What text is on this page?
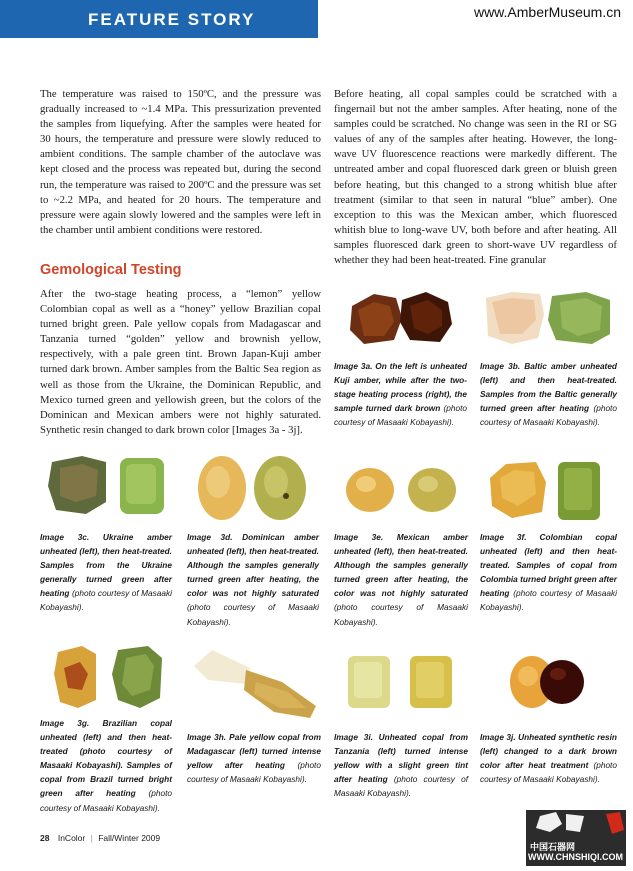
FEATURE STORY	www.AmberMuseum.cn

The temperature was raised to 150ºC, and the pressure was gradually increased to ~1.4 MPa. This pressurization prevented the samples from liquefying. After the samples were heated for 30 hours, the temperature and pressure were slowly reduced to ambient conditions. The sample chamber of the autoclave was kept closed and the process was repeated but, during the second run, the temperature was raised to 200ºC and the pressure was set to ~2.2 MPa, and heated for 20 hours. The temperature and pressure were again slowly lowered and the samples were left in the chamber until ambient conditions were restored.

Gemological Testing

After the two-stage heating process, a “lemon” yellow Colombian copal as well as a “honey” yellow Brazilian copal turned bright green. Pale yellow copals from Madagascar and Tanzania turned “golden” yellow and brownish yellow, respectively, with a pale green tint. Brown Japan-Kuji amber turned dark brown. Amber samples from the Baltic Sea region as well as those from the Ukraine, the Dominican Republic, and Mexico turned green and yellowish green, but the colors of the Dominican and Mexican ambers were not highly saturated. Synthetic resin changed to dark brown color [Images 3a - 3j].

Before heating, all copal samples could be scratched with a fingernail but not the amber samples. After heating, none of the samples could be scratched. No change was seen in the RI or SG values of any of the samples after heating. However, the long-wave UV fluorescence reactions were markedly different. The untreated amber and copal fluoresced dark green or bluish green before heating, but this changed to a strong whitish blue after treatment (similar to that seen in natural “blue” amber). One exception to this was the Mexican amber, which fluoresced whitish blue to long-wave UV, both before and after heating. All samples fluoresced dark green to short-wave UV regardless of whether they had been heat-treated. Fine granular

Image 3a. On the left is unheated Kuji amber, while after the two-stage heating process (right), the sample turned dark brown (photo courtesy of Masaaki Kobayashi).
Image 3b. Baltic amber unheated (left) and then heat-treated. Samples from the Baltic generally turned green after heating (photo courtesy of Masaaki Kobayashi).
Image 3c. Ukraine amber unheated (left), then heat-treated. Samples from the Ukraine generally turned green after heating (photo courtesy of Masaaki Kobayashi).
Image 3d. Dominican amber unheated (left), then heat-treated. Although the samples generally turned green after heating, the color was not highly saturated (photo courtesy of Masaaki Kobayashi).
Image 3e. Mexican amber unheated (left), then heat-treated. Although the samples generally turned green after heating, the color was not highly saturated (photo courtesy of Masaaki Kobayashi).
Image 3f. Colombian copal unheated (left) and then heat-treated. Samples of copal from Colombia turned bright green after heating (photo courtesy of Masaaki Kobayashi).
Image 3g. Brazilian copal unheated (left) and then heat-treated (photo courtesy of Masaaki Kobayashi). Samples of copal from Brazil turned bright green after heating (photo courtesy of Masaaki Kobayashi).
Image 3h. Pale yellow copal from Madagascar (left) turned intense yellow after heating (photo courtesy of Masaaki Kobayashi).
Image 3i. Unheated copal from Tanzania (left) turned intense yellow with a slight green tint after heating (photo courtesy of Masaaki Kobayashi).
Image 3j. Unheated synthetic resin (left) changed to a dark brown color after heat treatment (photo courtesy of Masaaki Kobayashi).
28 InColor | Fall/Winter 2009
中国石器网
WWW.CHNSHIQI.COM
